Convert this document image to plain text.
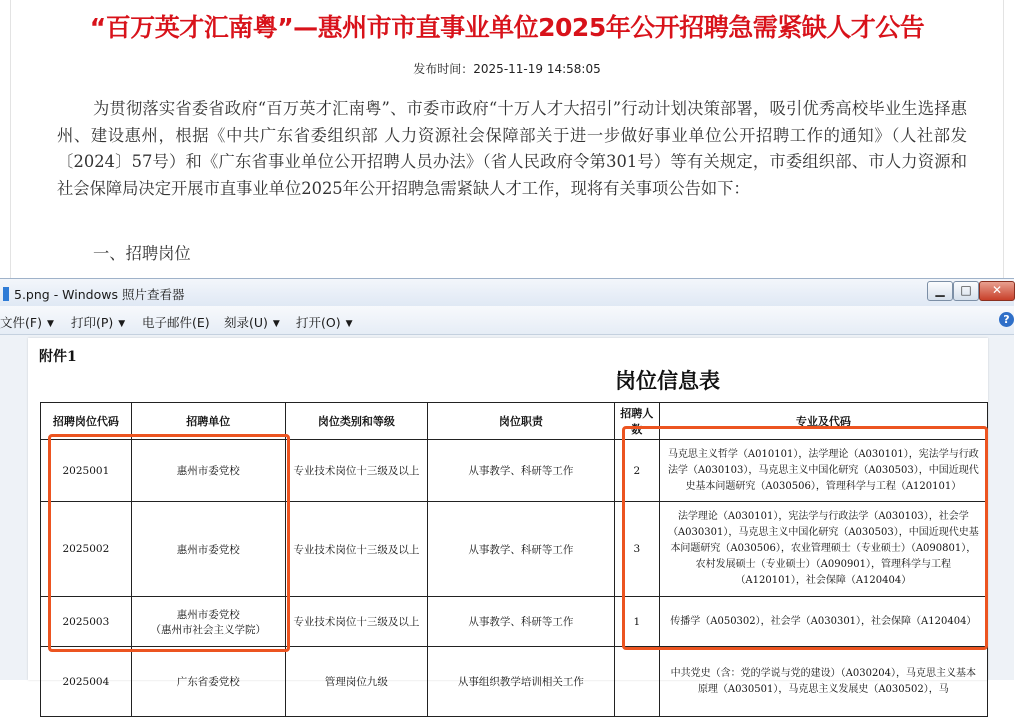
“百万英才汇南粤”—惠州市市直事业单位2025年公开招聘急需紧缺人才公告
发布时间：2025-11-19 14:58:05
为贯彻落实省委省政府“百万英才汇南粤”、市委市政府“十万人才大招引”行动计划决策部署，吸引优秀高校毕业生选择惠州、建设惠州，根据《中共广东省委组织部 人力资源社会保障部关于进一步做好事业单位公开招聘工作的通知》（人社部发〔2024〕57号）和《广东省事业单位公开招聘人员办法》（省人民政府令第301号）等有关规定，市委组织部、市人力资源和社会保障局决定开展市直事业单位2025年公开招聘急需紧缺人才工作，现将有关事项公告如下：
一、招聘岗位
5.png - Windows 照片查看器	▁	□	✕
文件(F) ▼ 打印(P) ▼ 电子邮件(E) 刻录(U) ▼ 打开(O) ▼	?
附件1
岗位信息表
招聘岗位代码	招聘单位	岗位类别和等级	岗位职责	招聘人数	专业及代码
2025001	惠州市委党校	专业技术岗位十三级及以上	从事教学、科研等工作	2	马克思主义哲学（A010101），法学理论（A030101），宪法学与行政法学（A030103），马克思主义中国化研究（A030503），中国近现代史基本问题研究（A030506），管理科学与工程（A120101）
2025002	惠州市委党校	专业技术岗位十三级及以上	从事教学、科研等工作	3	法学理论（A030101），宪法学与行政法学（A030103），社会学（A030301），马克思主义中国化研究（A030503），中国近现代史基本问题研究（A030506），农业管理硕士（专业硕士）（A090801），农村发展硕士（专业硕士）（A090901），管理科学与工程（A120101），社会保障（A120404）
2025003	惠州市委党校
（惠州市社会主义学院）	专业技术岗位十三级及以上	从事教学、科研等工作	1	传播学（A050302），社会学（A030301），社会保障（A120404）
2025004	广东省委党校	管理岗位九级	从事组织教学培训相关工作		中共党史（含：党的学说与党的建设）（A030204），马克思主义基本原理（A030501），马克思主义发展史（A030502），马
